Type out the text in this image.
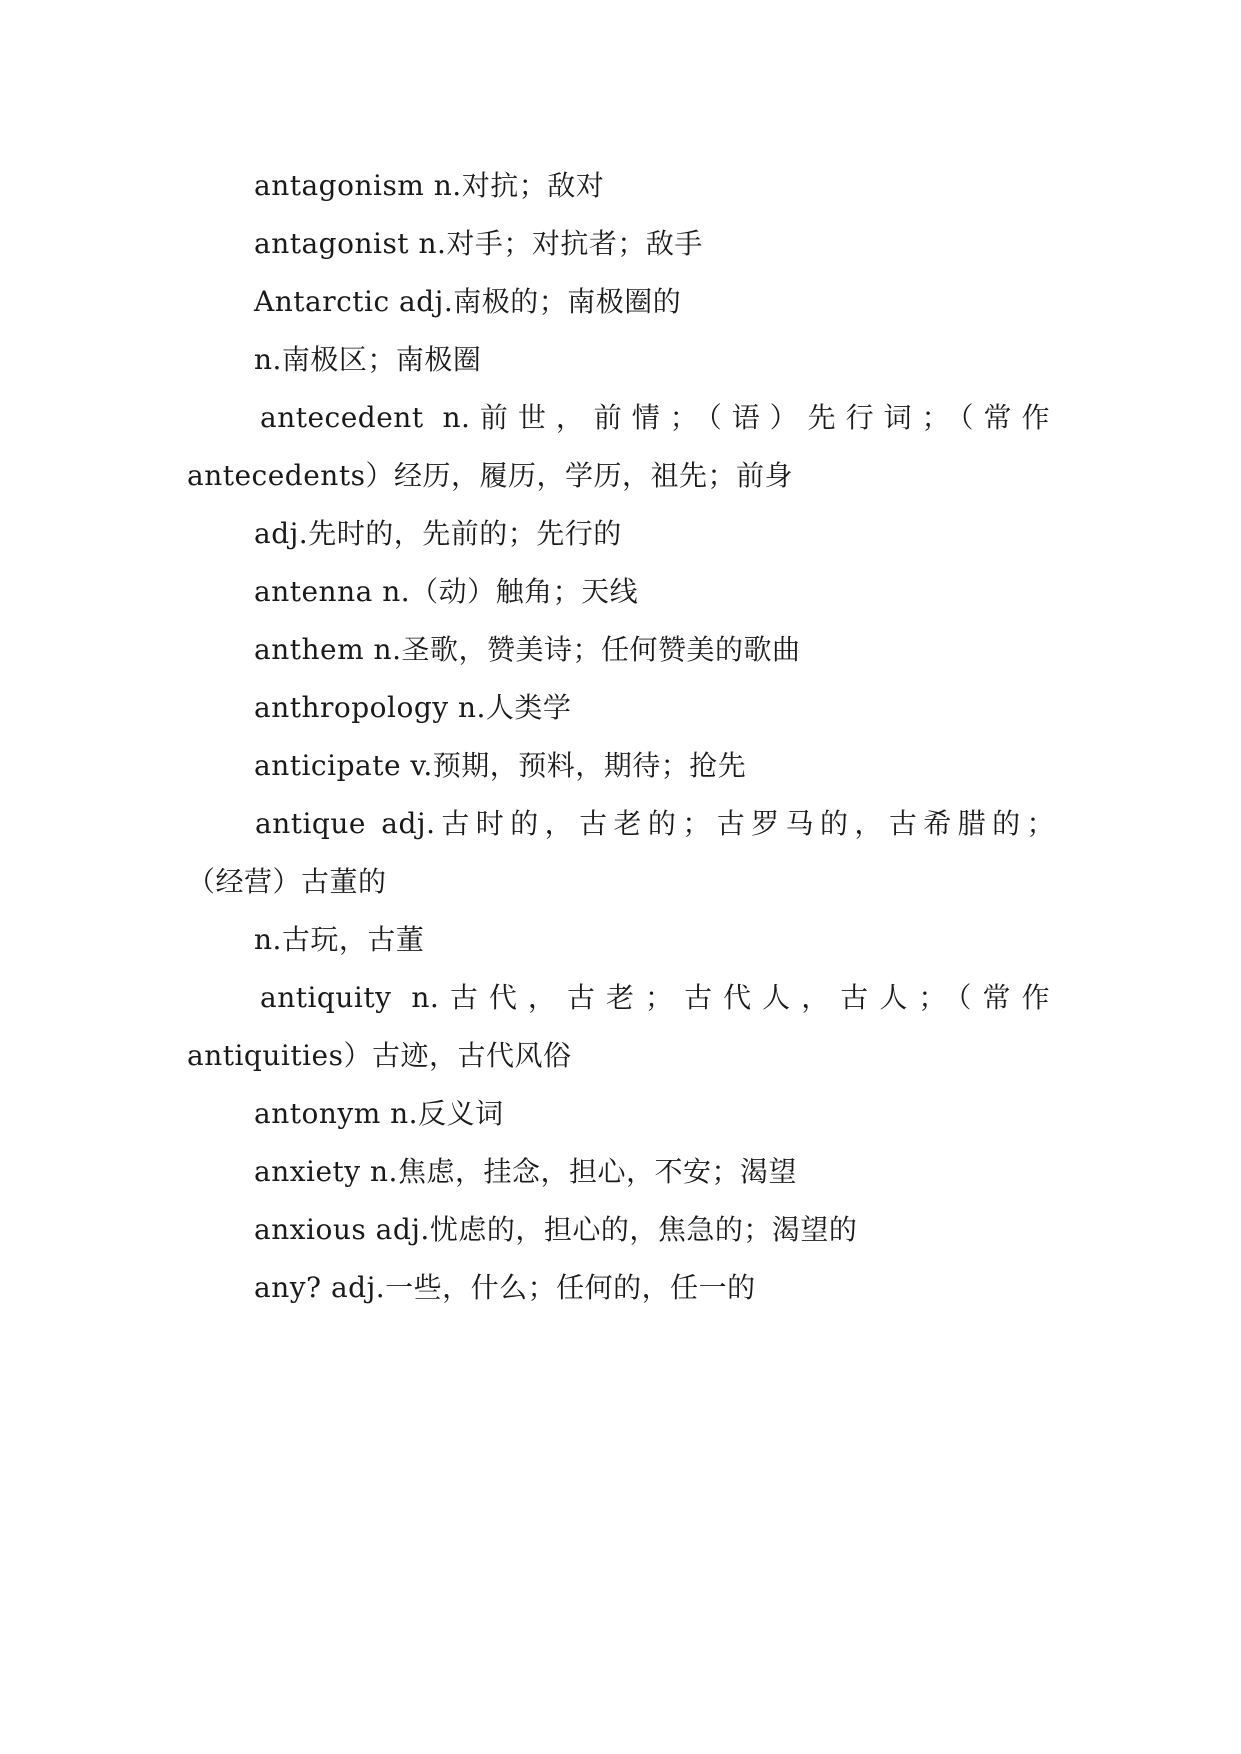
antagonism n.对抗；敌对
antagonist n.对手；对抗者；敌手
Antarctic adj.南极的；南极圈的
n.南极区；南极圈
antecedent n.前世，前情；（语）先行词；（常作
antecedents）经历，履历，学历，祖先；前身
adj.先时的，先前的；先行的
antenna n.（动）触角；天线
anthem n.圣歌，赞美诗；任何赞美的歌曲
anthropology n.人类学
anticipate v.预期，预料，期待；抢先
antique adj.古时的，古老的；古罗马的，古希腊的；
（经营）古董的
n.古玩，古董
antiquity n.古代，古老；古代人，古人；（常作
antiquities）古迹，古代风俗
antonym n.反义词
anxiety n.焦虑，挂念，担心，不安；渴望
anxious adj.忧虑的，担心的，焦急的；渴望的
any? adj.一些，什么；任何的，任一的
